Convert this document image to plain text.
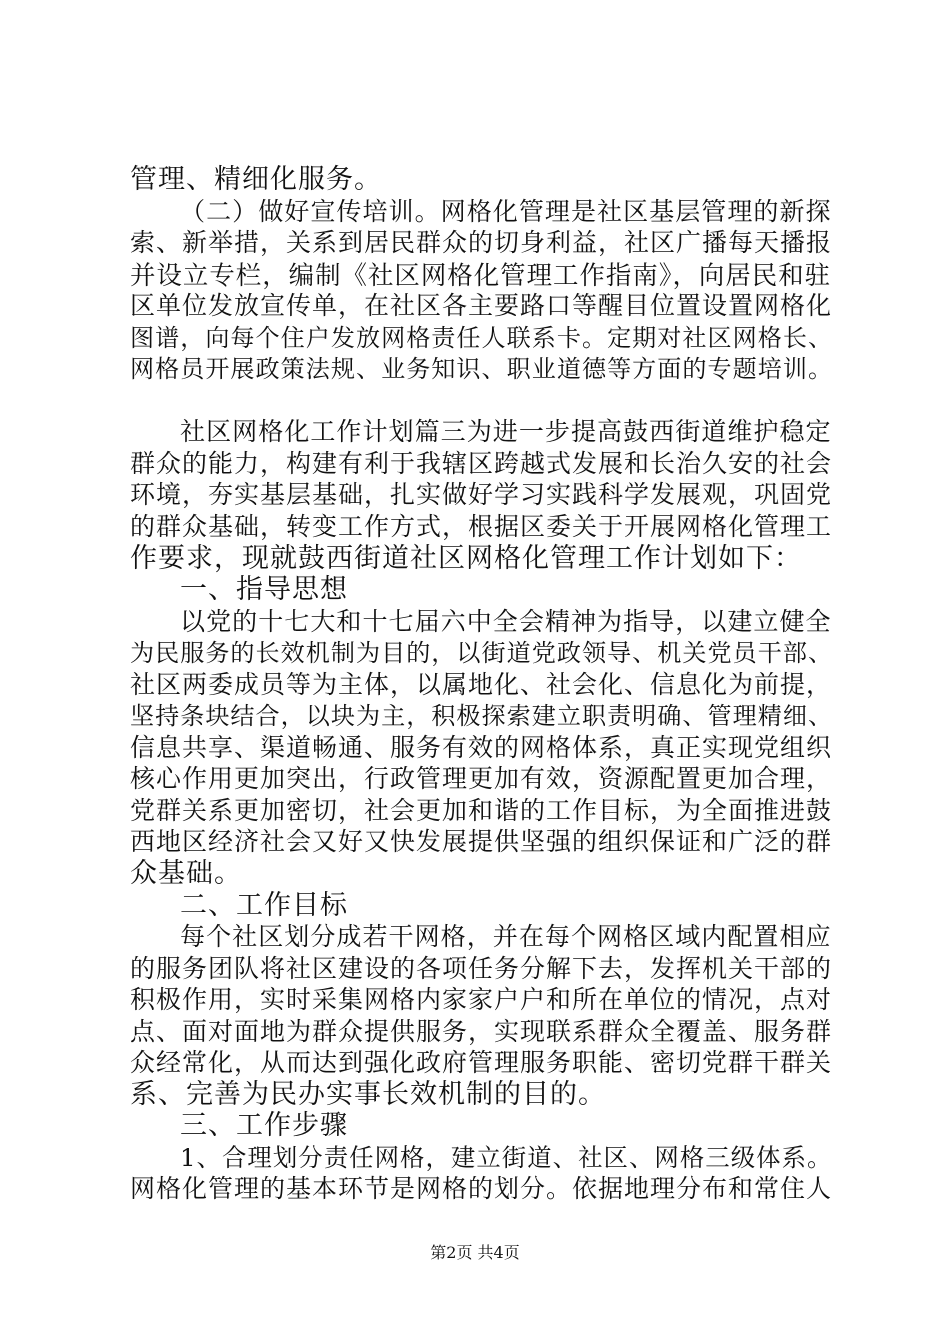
管理、精细化服务。
（二）做好宣传培训。网格化管理是社区基层管理的新探
索、新举措，关系到居民群众的切身利益，社区广播每天播报
并设立专栏，编制《社区网格化管理工作指南》，向居民和驻
区单位发放宣传单，在社区各主要路口等醒目位置设置网格化
图谱，向每个住户发放网格责任人联系卡。定期对社区网格长、
网格员开展政策法规、业务知识、职业道德等方面的专题培训。
社区网格化工作计划篇三为进一步提高鼓西街道维护稳定
群众的能力，构建有利于我辖区跨越式发展和长治久安的社会
环境，夯实基层基础，扎实做好学习实践科学发展观，巩固党
的群众基础，转变工作方式，根据区委关于开展网格化管理工
作要求，现就鼓西街道社区网格化管理工作计划如下：
一、指导思想
以党的十七大和十七届六中全会精神为指导，以建立健全
为民服务的长效机制为目的，以街道党政领导、机关党员干部、
社区两委成员等为主体，以属地化、社会化、信息化为前提，
坚持条块结合，以块为主，积极探索建立职责明确、管理精细、
信息共享、渠道畅通、服务有效的网格体系，真正实现党组织
核心作用更加突出，行政管理更加有效，资源配置更加合理，
党群关系更加密切，社会更加和谐的工作目标，为全面推进鼓
西地区经济社会又好又快发展提供坚强的组织保证和广泛的群
众基础。
二、工作目标
每个社区划分成若干网格，并在每个网格区域内配置相应
的服务团队将社区建设的各项任务分解下去，发挥机关干部的
积极作用，实时采集网格内家家户户和所在单位的情况，点对
点、面对面地为群众提供服务，实现联系群众全覆盖、服务群
众经常化，从而达到强化政府管理服务职能、密切党群干群关
系、完善为民办实事长效机制的目的。
三、工作步骤
1、合理划分责任网格，建立街道、社区、网格三级体系。
网格化管理的基本环节是网格的划分。依据地理分布和常住人
第2页 共4页
